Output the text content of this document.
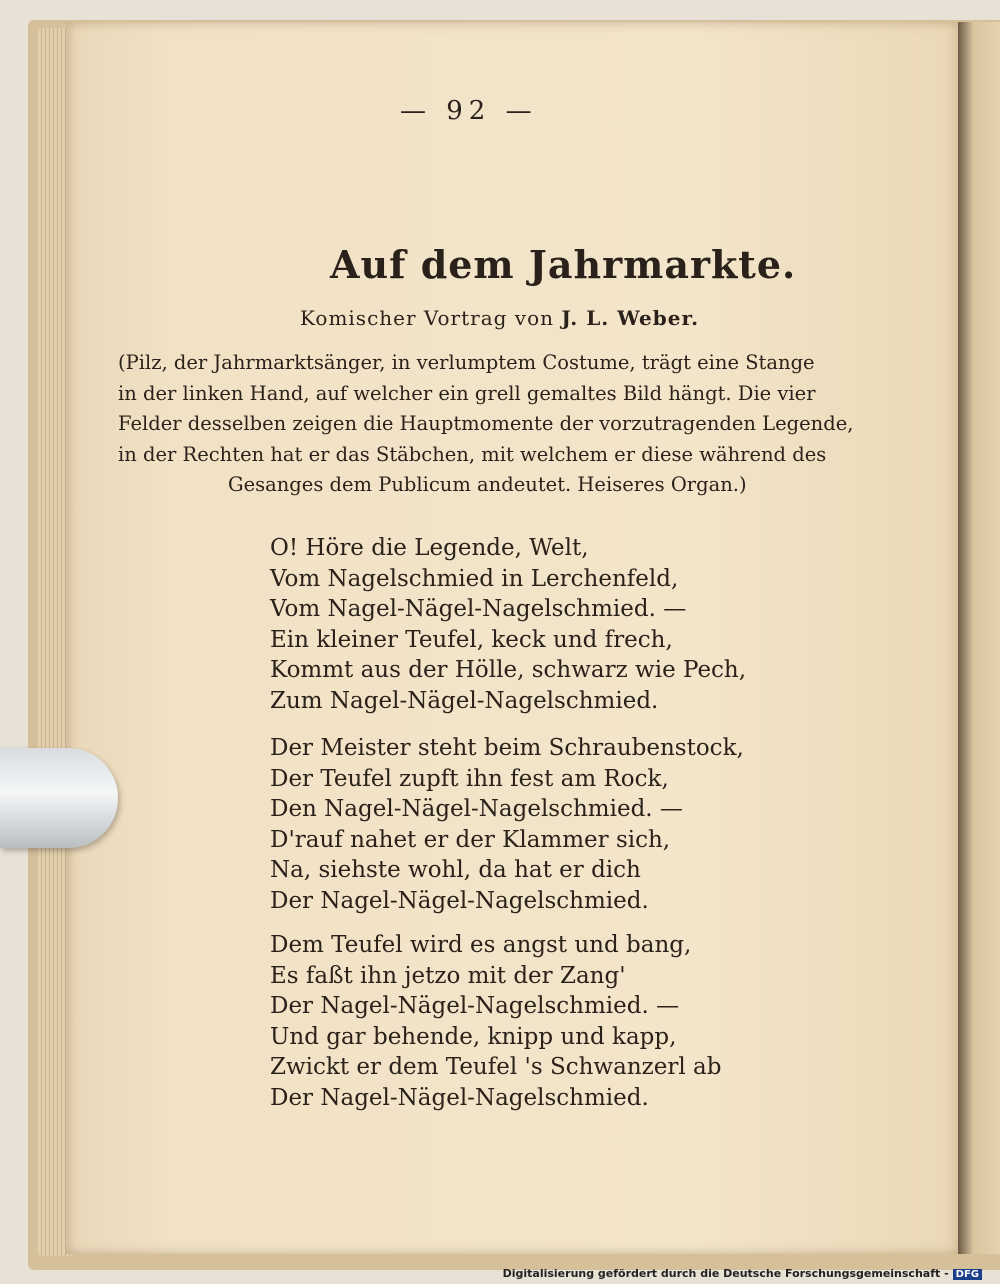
— 92 —
Auf dem Jahrmarkte.
Komischer Vortrag von J. L. Weber.
(Pilz, der Jahrmarktsänger, in verlumptem Costume, trägt eine Stange
in der linken Hand, auf welcher ein grell gemaltes Bild hängt. Die vier
Felder desselben zeigen die Hauptmomente der vorzutragenden Legende,
in der Rechten hat er das Stäbchen, mit welchem er diese während des
Gesanges dem Publicum andeutet. Heiseres Organ.)
O! Höre die Legende, Welt,
Vom Nagelschmied in Lerchenfeld,
Vom Nagel-Nägel-Nagelschmied. —
Ein kleiner Teufel, keck und frech,
Kommt aus der Hölle, schwarz wie Pech,
Zum Nagel-Nägel-Nagelschmied.
Der Meister steht beim Schraubenstock,
Der Teufel zupft ihn fest am Rock,
Den Nagel-Nägel-Nagelschmied. —
D'rauf nahet er der Klammer sich,
Na, siehste wohl, da hat er dich
Der Nagel-Nägel-Nagelschmied.
Dem Teufel wird es angst und bang,
Es faßt ihn jetzo mit der Zang'
Der Nagel-Nägel-Nagelschmied. —
Und gar behende, knipp und kapp,
Zwickt er dem Teufel 's Schwanzerl ab
Der Nagel-Nägel-Nagelschmied.
Digitalisierung gefördert durch die Deutsche Forschungsgemeinschaft - DFG
